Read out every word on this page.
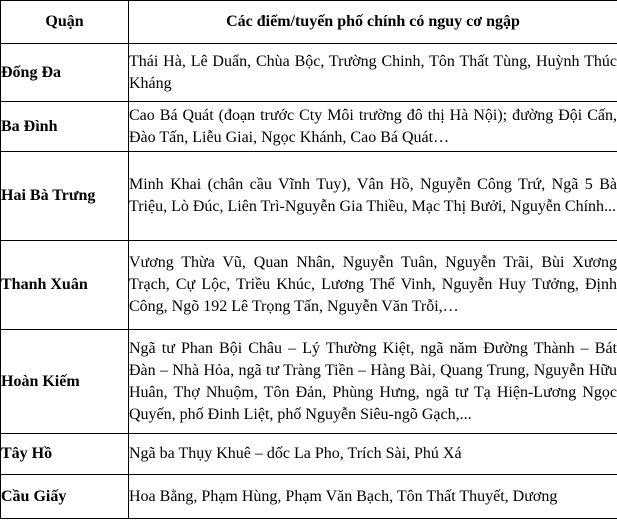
Quận	Các điểm/tuyến phố chính có nguy cơ ngập
Đống Đa	Thái Hà, Lê Duẩn, Chùa Bộc, Trường Chinh, Tôn Thất Tùng, Huỳnh Thúc Kháng
Ba Đình	Cao Bá Quát (đoạn trước Cty Môi trường đô thị Hà Nội); đường Đội Cấn, Đào Tấn, Liễu Giai, Ngọc Khánh, Cao Bá Quát…
Hai Bà Trưng	Minh Khai (chân cầu Vĩnh Tuy), Vân Hồ, Nguyễn Công Trứ, Ngã 5 Bà Triệu, Lò Đúc, Liên Trì-Nguyễn Gia Thiều, Mạc Thị Bưởi, Nguyễn Chính...
Thanh Xuân	Vương Thừa Vũ, Quan Nhân, Nguyễn Tuân, Nguyễn Trãi, Bùi Xương Trạch, Cự Lộc, Triều Khúc, Lương Thế Vinh, Nguyễn Huy Tưởng, Định Công, Ngõ 192 Lê Trọng Tấn, Nguyễn Văn Trỗi,…
Hoàn Kiếm	Ngã tư Phan Bội Châu – Lý Thường Kiệt, ngã năm Đường Thành – Bát Đàn – Nhà Hỏa, ngã tư Tràng Tiền – Hàng Bài, Quang Trung, Nguyễn Hữu Huân, Thợ Nhuộm, Tôn Đản, Phùng Hưng, ngã tư Tạ Hiện-Lương Ngọc Quyến, phố Đinh Liệt, phố Nguyễn Siêu-ngõ Gạch,...
Tây Hồ	Ngã ba Thụy Khuê – dốc La Pho, Trích Sài, Phú Xá
Cầu Giấy	Hoa Bằng, Phạm Hùng, Phạm Văn Bạch, Tôn Thất Thuyết, Dương
